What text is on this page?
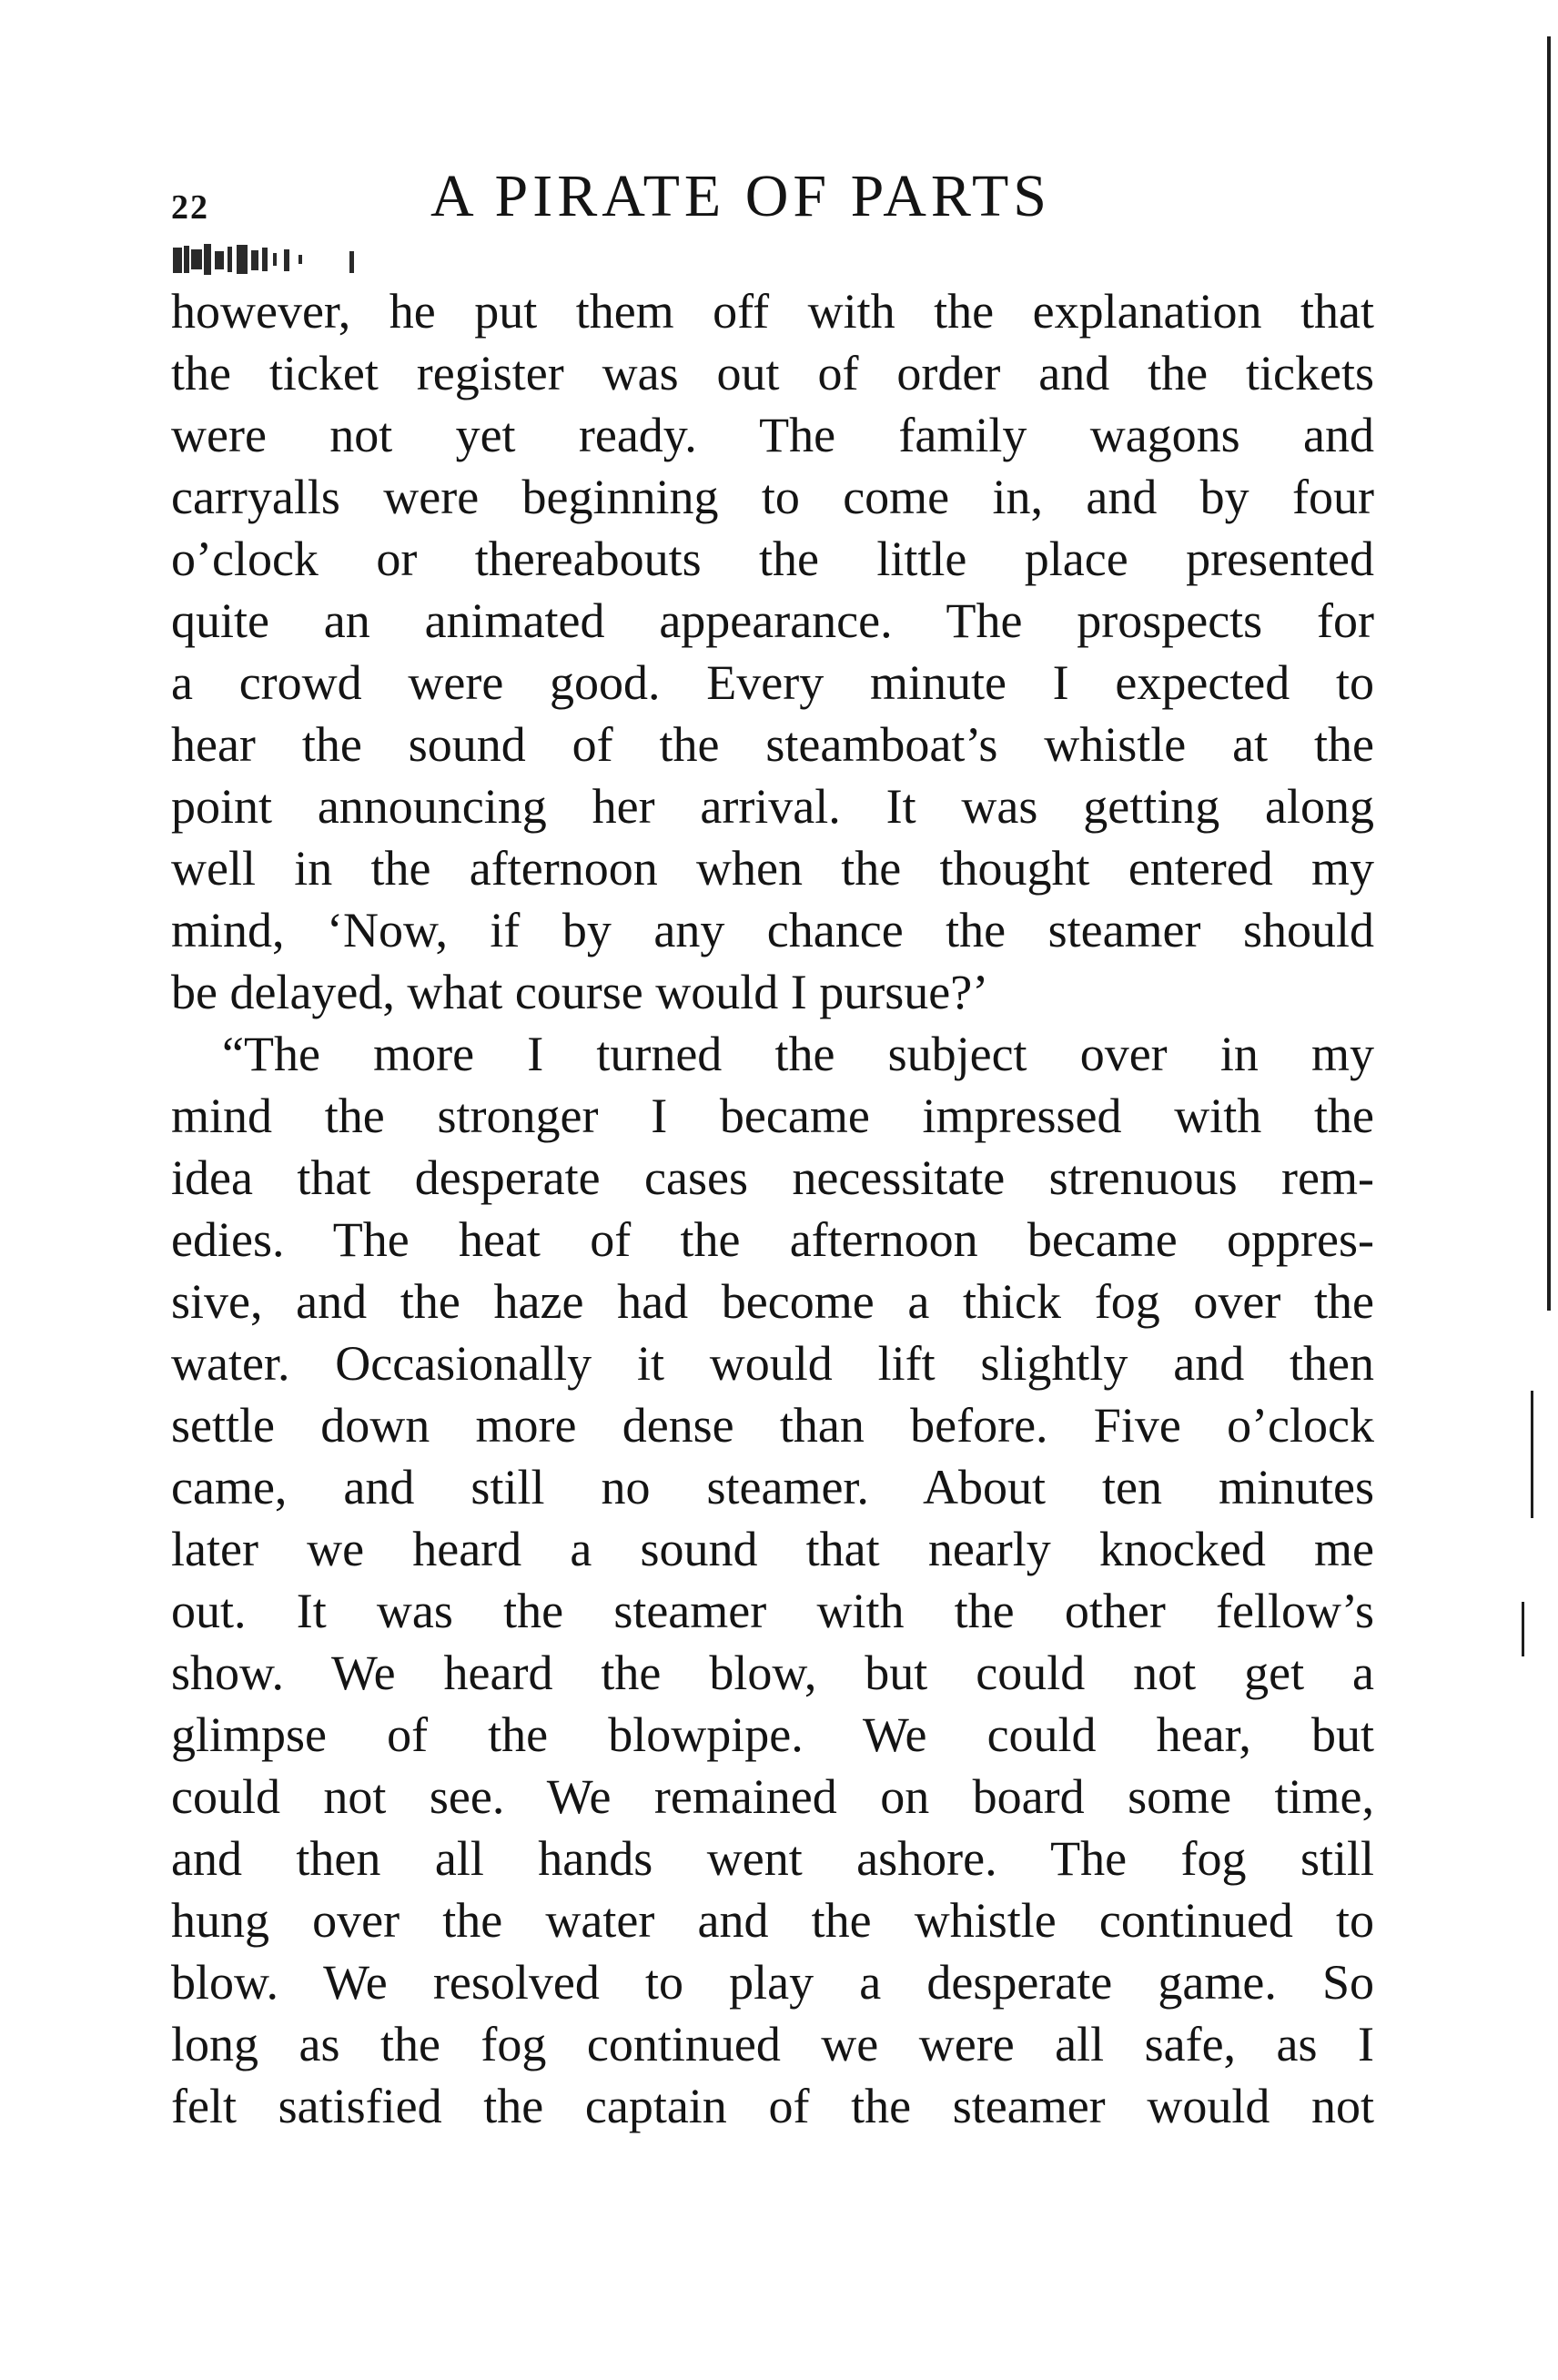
22	A PIRATE OF PARTS
however, he put them off with the explanation that
the ticket register was out of order and the tickets
were not yet ready. The family wagons and
carryalls were beginning to come in, and by four
o’clock or thereabouts the little place presented
quite an animated appearance. The prospects for
a crowd were good. Every minute I expected to
hear the sound of the steamboat’s whistle at the
point announcing her arrival. It was getting along
well in the afternoon when the thought entered my
mind, ‘Now, if by any chance the steamer should
be delayed, what course would I pursue?’
“The more I turned the subject over in my
mind the stronger I became impressed with the
idea that desperate cases necessitate strenuous rem-
edies. The heat of the afternoon became oppres-
sive, and the haze had become a thick fog over the
water. Occasionally it would lift slightly and then
settle down more dense than before. Five o’clock
came, and still no steamer. About ten minutes
later we heard a sound that nearly knocked me
out. It was the steamer with the other fellow’s
show. We heard the blow, but could not get a
glimpse of the blowpipe. We could hear, but
could not see. We remained on board some time,
and then all hands went ashore. The fog still
hung over the water and the whistle continued to
blow. We resolved to play a desperate game. So
long as the fog continued we were all safe, as I
felt satisfied the captain of the steamer would not
